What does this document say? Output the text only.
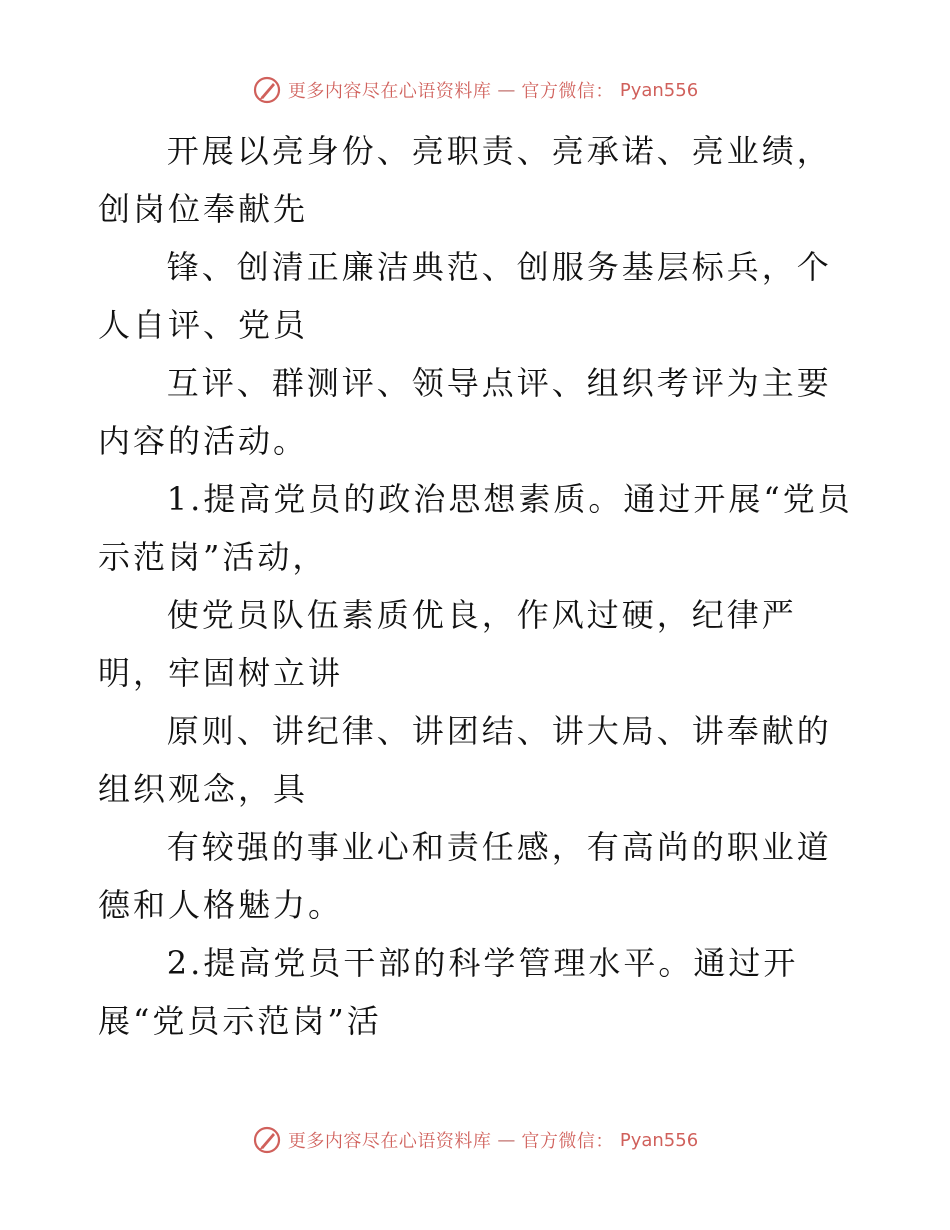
更多内容尽在心语资料库 — 官方微信： Pyan556

开展以亮身份、亮职责、亮承诺、亮业绩，创岗位奉献先

锋、创清正廉洁典范、创服务基层标兵，个人自评、党员

互评、群测评、领导点评、组织考评为主要内容的活动。

1.提高党员的政治思想素质。通过开展“党员示范岗”活动，

使党员队伍素质优良，作风过硬，纪律严明，牢固树立讲

原则、讲纪律、讲团结、讲大局、讲奉献的组织观念，具

有较强的事业心和责任感，有高尚的职业道德和人格魅力。

2.提高党员干部的科学管理水平。通过开展“党员示范岗”活

更多内容尽在心语资料库 — 官方微信： Pyan556
